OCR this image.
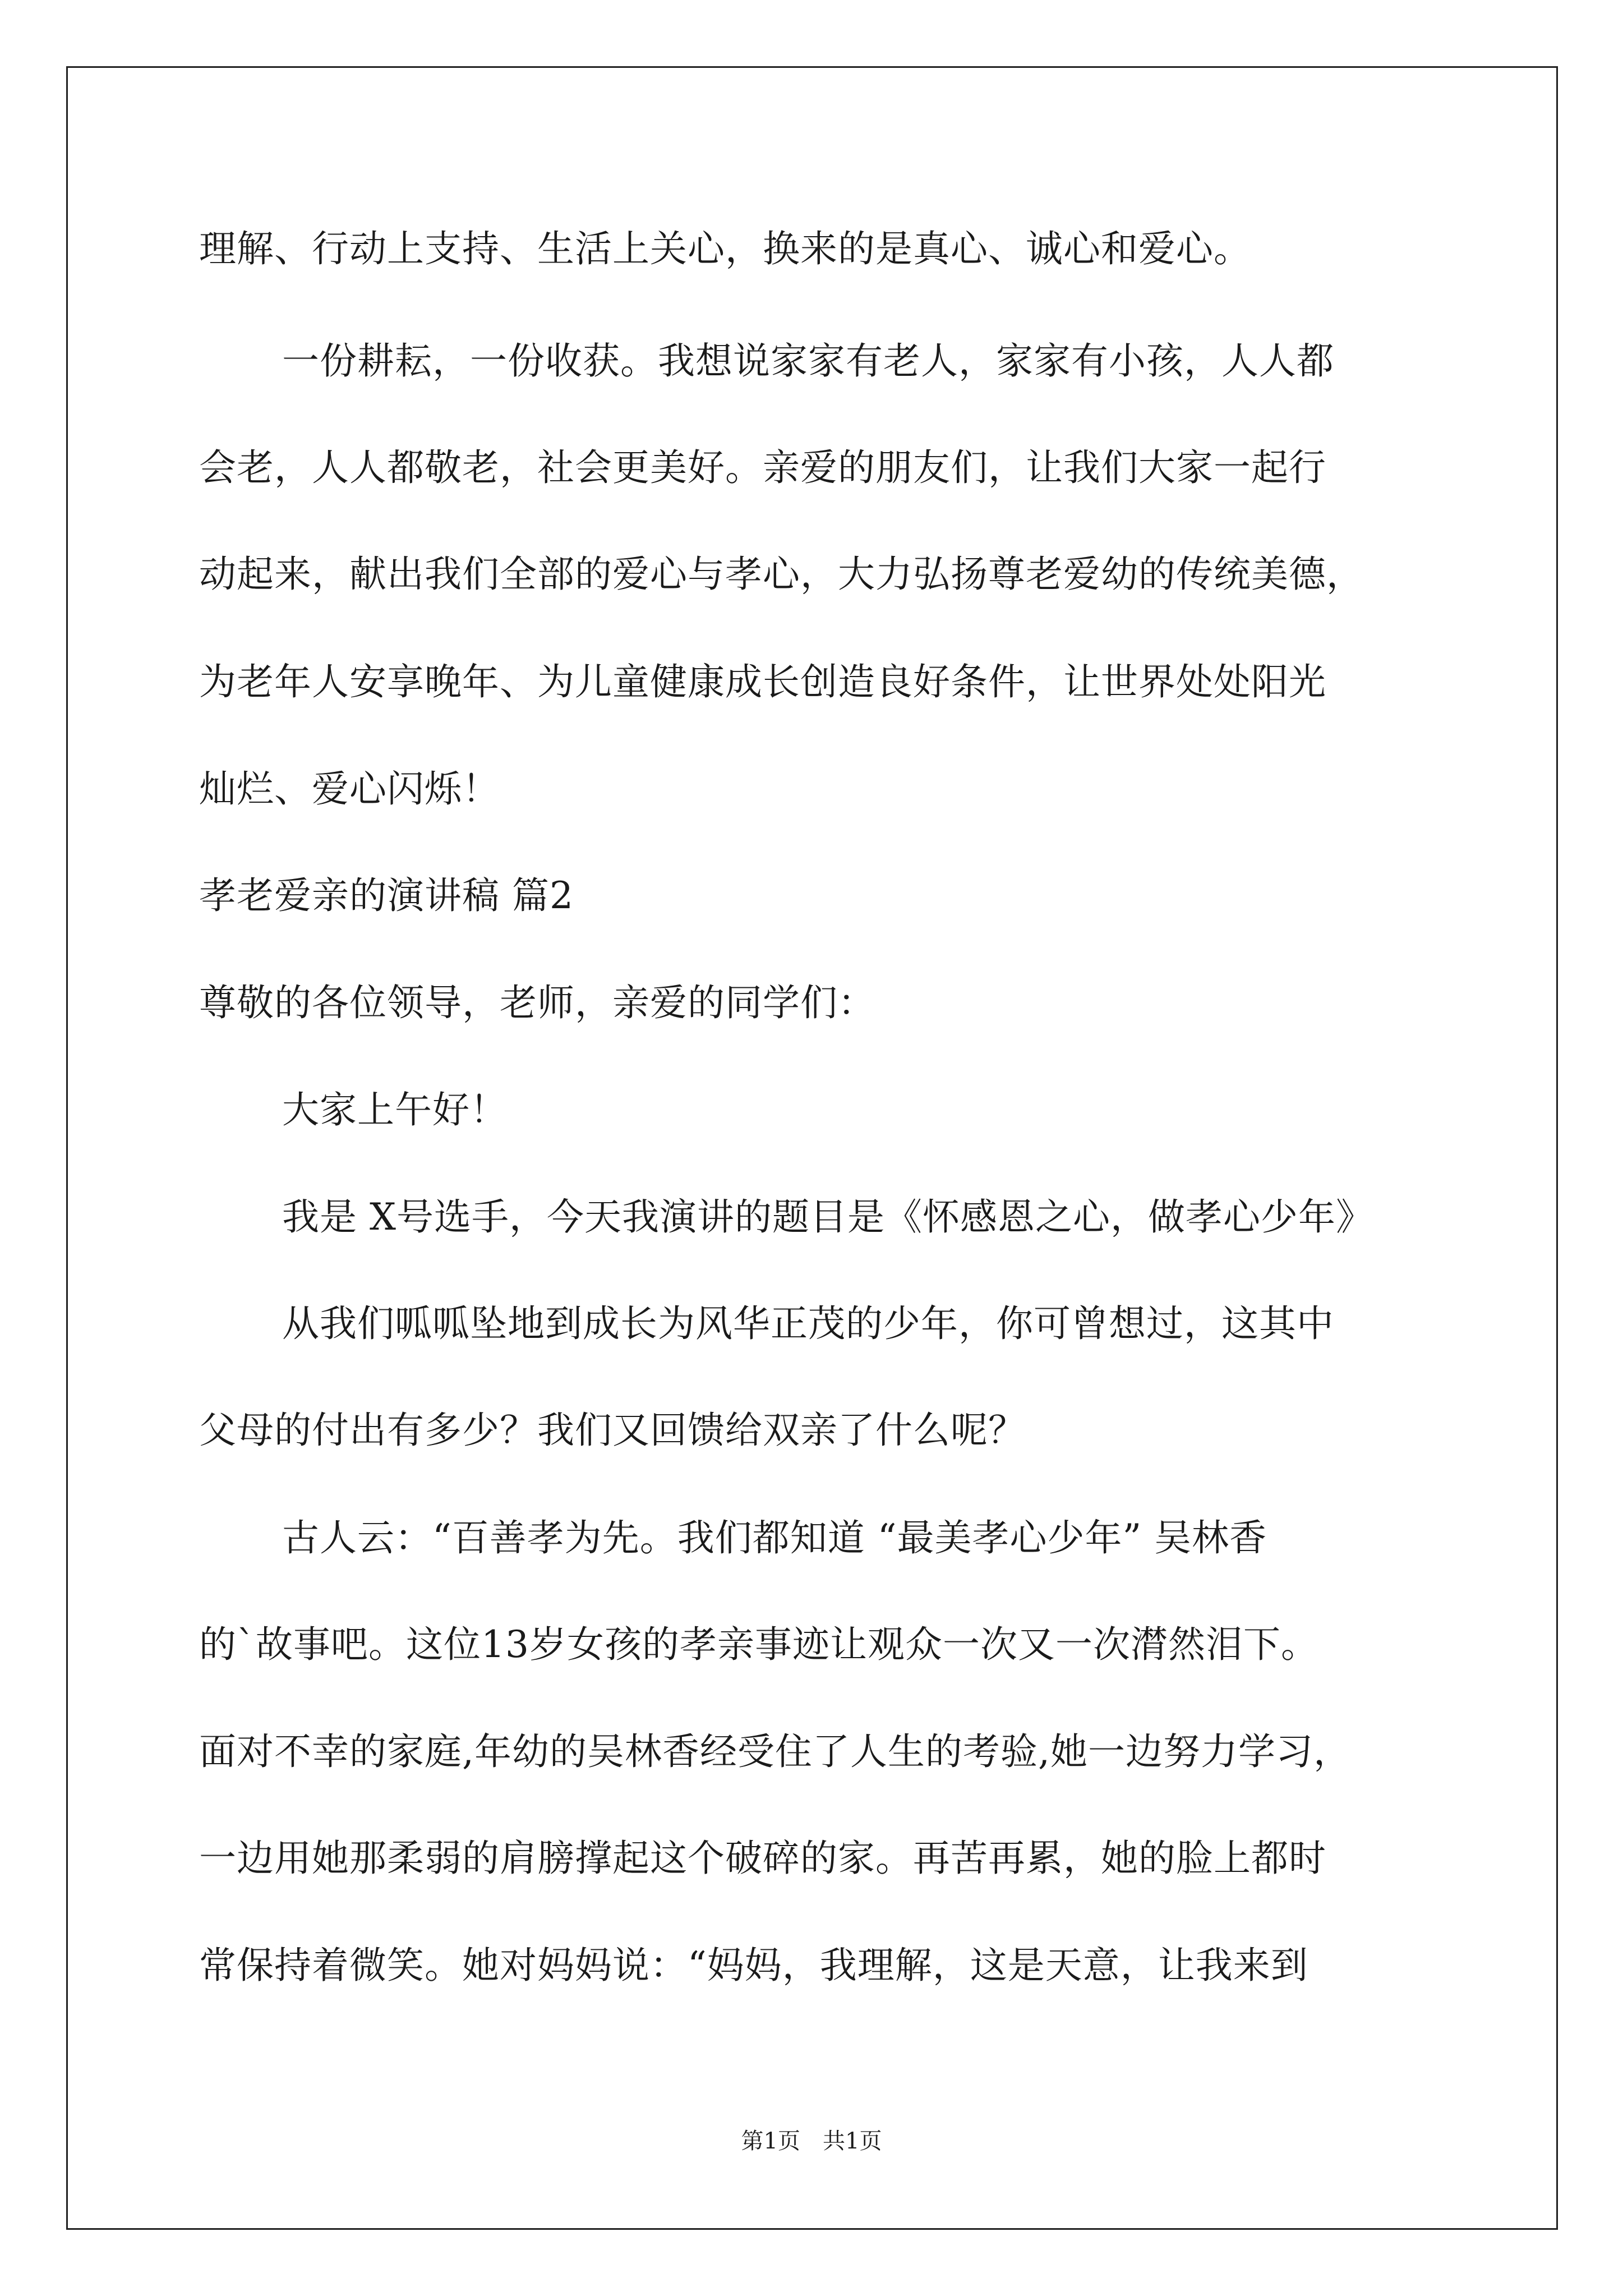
理解、行动上支持、生活上关心，换来的是真心、诚心和爱心。
一份耕耘，一份收获。我想说家家有老人，家家有小孩，人人都
会老，人人都敬老，社会更美好。亲爱的朋友们，让我们大家一起行
动起来，献出我们全部的爱心与孝心，大力弘扬尊老爱幼的传统美德，
为老年人安享晚年、为儿童健康成长创造良好条件，让世界处处阳光
灿烂、爱心闪烁！
孝老爱亲的演讲稿 篇2
尊敬的各位领导，老师，亲爱的同学们：
大家上午好！
我是 X号选手，今天我演讲的题目是《怀感恩之心，做孝心少年》
从我们呱呱坠地到成长为风华正茂的少年，你可曾想过，这其中
父母的付出有多少？我们又回馈给双亲了什么呢？
古人云：“百善孝为先。我们都知道 “最美孝心少年” 吴林香
的`故事吧。这位13岁女孩的孝亲事迹让观众一次又一次潸然泪下。
面对不幸的家庭,年幼的吴林香经受住了人生的考验,她一边努力学习，
一边用她那柔弱的肩膀撑起这个破碎的家。再苦再累，她的脸上都时
常保持着微笑。她对妈妈说：“妈妈，我理解，这是天意，让我来到
第1页　共1页
